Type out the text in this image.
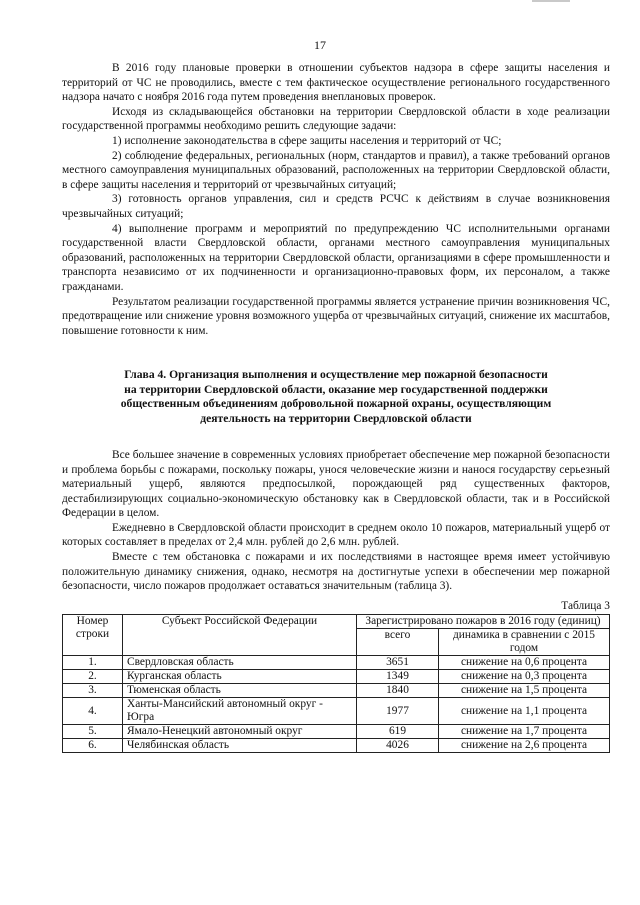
17

В 2016 году плановые проверки в отношении субъектов надзора в сфере защиты населения и территорий от ЧС не проводились, вместе с тем фактическое осуществление регионального государственного надзора начато с ноября 2016 года путем проведения внеплановых проверок.

Исходя из складывающейся обстановки на территории Свердловской области в ходе реализации государственной программы необходимо решить следующие задачи:

1) исполнение законодательства в сфере защиты населения и территорий от ЧС;

2) соблюдение федеральных, региональных (норм, стандартов и правил), а также требований органов местного самоуправления муниципальных образований, расположенных на территории Свердловской области, в сфере защиты населения и территорий от чрезвычайных ситуаций;

3) готовность органов управления, сил и средств РСЧС к действиям в случае возникновения чрезвычайных ситуаций;

4) выполнение программ и мероприятий по предупреждению ЧС исполнительными органами государственной власти Свердловской области, органами местного самоуправления муниципальных образований, расположенных на территории Свердловской области, организациями в сфере промышленности и транспорта независимо от их подчиненности и организационно-правовых форм, их персоналом, а также гражданами.

Результатом реализации государственной программы является устранение причин возникновения ЧС, предотвращение или снижение уровня возможного ущерба от чрезвычайных ситуаций, снижение их масштабов, повышение готовности к ним.

Глава 4. Организация выполнения и осуществление мер пожарной безопасности
на территории Свердловской области, оказание мер государственной поддержки
общественным объединениям добровольной пожарной охраны, осуществляющим
деятельность на территории Свердловской области

Все большее значение в современных условиях приобретает обеспечение мер пожарной безопасности и проблема борьбы с пожарами, поскольку пожары, унося человеческие жизни и нанося государству серьезный материальный ущерб, являются предпосылкой, порождающей ряд существенных факторов, дестабилизирующих социально-экономическую обстановку как в Свердловской области, так и в Российской Федерации в целом.

Ежедневно в Свердловской области происходит в среднем около 10 пожаров, материальный ущерб от которых составляет в пределах от 2,4 млн. рублей до 2,6 млн. рублей.

Вместе с тем обстановка с пожарами и их последствиями в настоящее время имеет устойчивую положительную динамику снижения, однако, несмотря на достигнутые успехи в обеспечении мер пожарной безопасности, число пожаров продолжает оставаться значительным (таблица 3).

Таблица 3
Номер строки	Субъект Российской Федерации	Зарегистрировано пожаров в 2016 году (единиц)	
		всего	динамика в сравнении с 2015 годом
1.	Свердловская область	3651	снижение на 0,6 процента
2.	Курганская область	1349	снижение на 0,3 процента
3.	Тюменская область	1840	снижение на 1,5 процента
4.	Ханты-Мансийский автономный округ - Югра	1977	снижение на 1,1 процента
5.	Ямало-Ненецкий автономный округ	619	снижение на 1,7 процента
6.	Челябинская область	4026	снижение на 2,6 процента
